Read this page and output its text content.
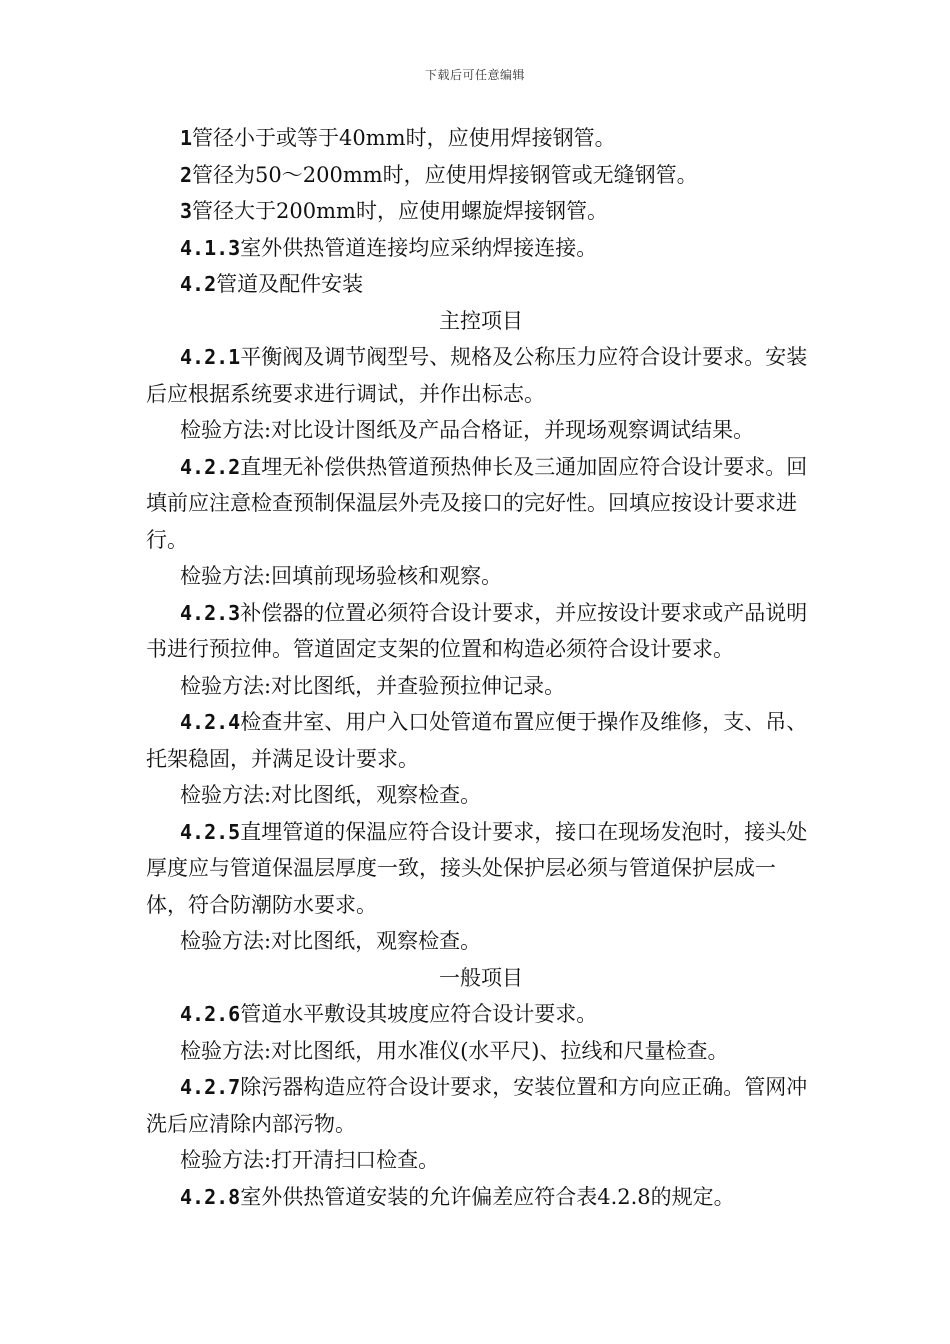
下载后可任意编辑

1管径小于或等于40mm时，应使用焊接钢管。

2管径为50～200mm时，应使用焊接钢管或无缝钢管。

3管径大于200mm时，应使用螺旋焊接钢管。

4.1.3室外供热管道连接均应采纳焊接连接。

4.2管道及配件安装

主控项目

4.2.1平衡阀及调节阀型号、规格及公称压力应符合设计要求。安装后应根据系统要求进行调试，并作出标志。

检验方法:对比设计图纸及产品合格证，并现场观察调试结果。

4.2.2直埋无补偿供热管道预热伸长及三通加固应符合设计要求。回填前应注意检查预制保温层外壳及接口的完好性。回填应按设计要求进行。

检验方法:回填前现场验核和观察。

4.2.3补偿器的位置必须符合设计要求，并应按设计要求或产品说明书进行预拉伸。管道固定支架的位置和构造必须符合设计要求。

检验方法:对比图纸，并查验预拉伸记录。

4.2.4检查井室、用户入口处管道布置应便于操作及维修，支、吊、托架稳固，并满足设计要求。

检验方法:对比图纸，观察检查。

4.2.5直埋管道的保温应符合设计要求，接口在现场发泡时，接头处厚度应与管道保温层厚度一致，接头处保护层必须与管道保护层成一体，符合防潮防水要求。

检验方法:对比图纸，观察检查。

一般项目

4.2.6管道水平敷设其坡度应符合设计要求。

检验方法:对比图纸，用水准仪(水平尺)、拉线和尺量检查。

4.2.7除污器构造应符合设计要求，安装位置和方向应正确。管网冲洗后应清除内部污物。

检验方法:打开清扫口检查。

4.2.8室外供热管道安装的允许偏差应符合表4.2.8的规定。
